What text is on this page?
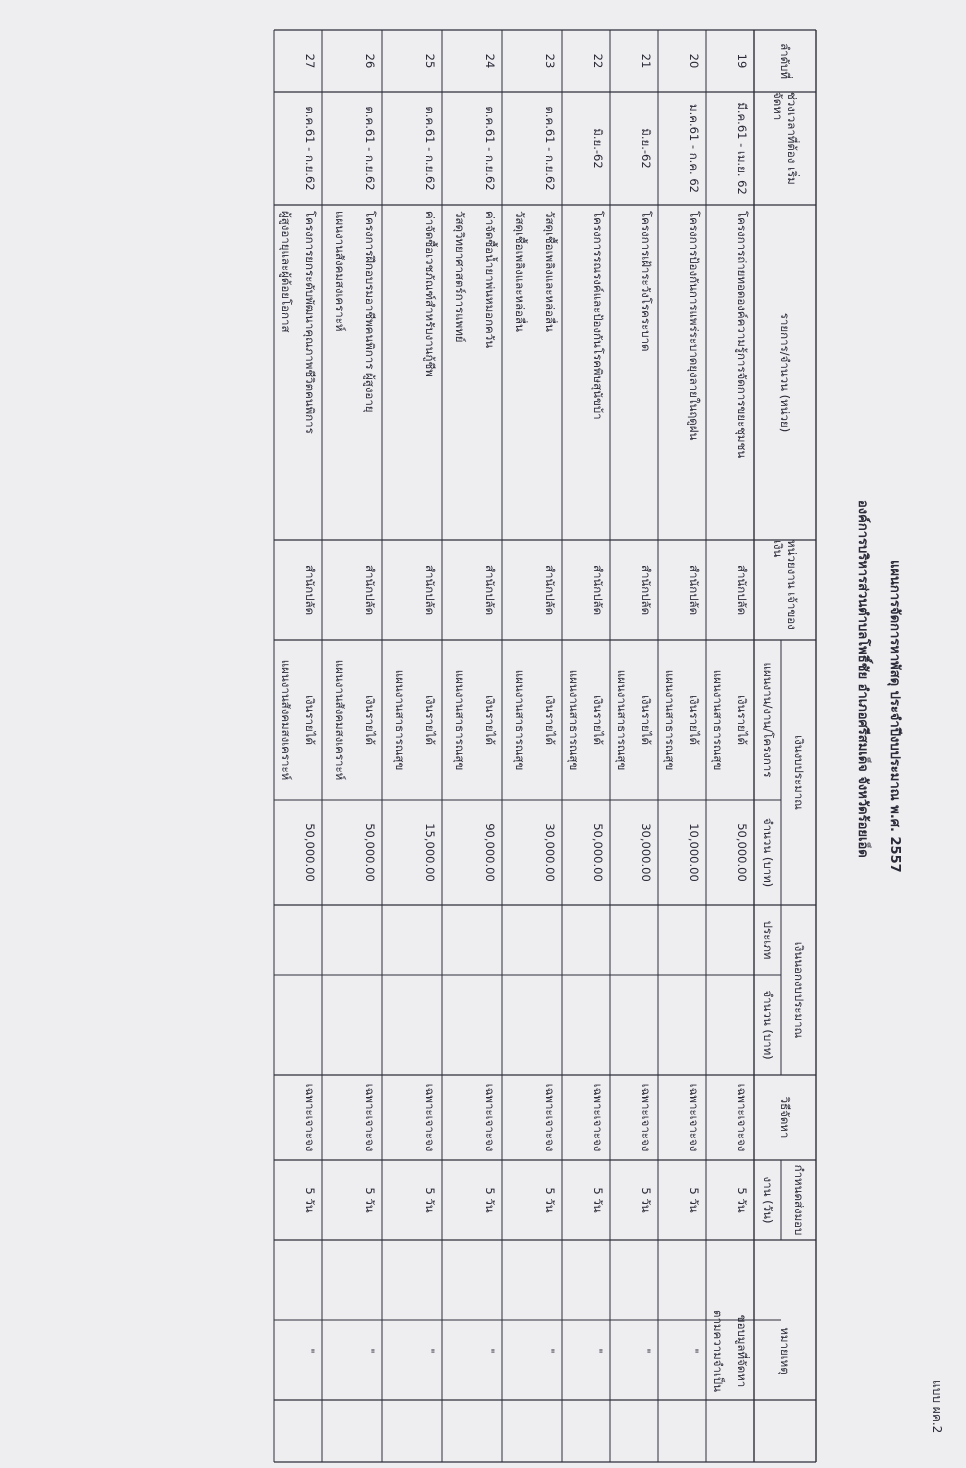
แบบ ผค.2
แผนการจัดการหาพัสดุ ประจำปีงบประมาณ พ.ศ. 2557
องค์การบริหารส่วนตำบลโพธิ์ชัย อำเภอศรีสมเด็จ จังหวัดร้อยเอ็ด
ลำดับที่
ช่วงเวลาที่ต้อง เริ่มจัดหา
รายการ/จำนวน (หน่วย)
หน่วยงาน เจ้าของเงิน
เงินงบประมาณ
แผนงาน/งาน/โครงการ
จำนวน (บาท)
เงินนอกงบประมาณ
ประเภท
จำนวน (บาท)
วิธีจัดหา
กำหนดส่งมอบ
งาน (วัน)
หมายเหตุ
19
มี.ค.61 - เม.ย. 62
โครงการถ่ายทอดองค์ความรู้การจัดการขยะชุมชน
สำนักปลัด
เงินรายได้
แผนงานสาธารณสุข
50,000.00
เฉพาะเจาะจง
5 วัน
ขอบมูลที่จัดหา
ตามความจำเป็น
20
ม.ค.61 - ก.ค. 62
โครงการป้องกันการแพร่ระบาดยุงลายในฤดูฝน
สำนักปลัด
เงินรายได้
แผนงานสาธารณสุข
10,000.00
เฉพาะเจาะจง
5 วัน
"
21
มิ.ย.-62
โครงการเฝ้าระวังโรคระบาด
สำนักปลัด
เงินรายได้
แผนงานสาธารณสุข
30,000.00
เฉพาะเจาะจง
5 วัน
"
22
มิ.ย.-62
โครงการรณรงค์และป้องกันโรคพิษสุนัขบ้า
สำนักปลัด
เงินรายได้
แผนงานสาธารณสุข
50,000.00
เฉพาะเจาะจง
5 วัน
"
23
ต.ค.61 - ก.ย.62
วัสดุเชื้อเพลิงและหล่อลื่น
วัสดุเชื้อเพลิงและหล่อลื่น
สำนักปลัด
เงินรายได้
แผนงานสาธารณสุข
30,000.00
เฉพาะเจาะจง
5 วัน
"
24
ต.ค.61 - ก.ย.62
ค่าจัดซื้อน้ำยาพ่นหมอกควัน
วัสดุวิทยาศาสตร์การแพทย์
สำนักปลัด
เงินรายได้
แผนงานสาธารณสุข
90,000.00
เฉพาะเจาะจง
5 วัน
"
25
ต.ค.61 - ก.ย.62
ค่าจัดซื้อเวชภัณฑ์สำหรับงานกู้ชีพ
สำนักปลัด
เงินรายได้
แผนงานสาธารณสุข
15,000.00
เฉพาะเจาะจง
5 วัน
"
26
ต.ค.61 - ก.ย.62
โครงการฝึกอบรมอาชีพคนพิการ ผู้สูงอายุ
แผนงานสังคมสงเคราะห์
สำนักปลัด
เงินรายได้
แผนงานสังคมสงเคราะห์
50,000.00
เฉพาะเจาะจง
5 วัน
"
27
ต.ค.61 - ก.ย.62
โครงการยกระดับพัฒนาคุณภาพชีวิตคนพิการ
ผู้สูงอายุและผู้ด้อยโอกาส
สำนักปลัด
เงินรายได้
แผนงานสังคมสงเคราะห์
50,000.00
เฉพาะเจาะจง
5 วัน
"
